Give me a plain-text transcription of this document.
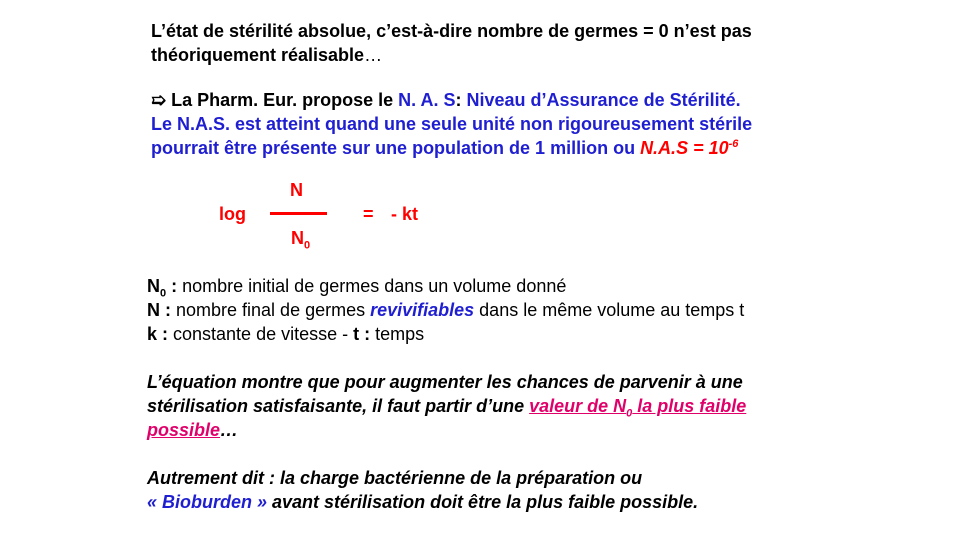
L’état de stérilité absolue, c’est-à-dire nombre de germes = 0 n’est pas
théoriquement réalisable…
➯ La Pharm. Eur. propose le N. A. S: Niveau d’Assurance de Stérilité.
Le N.A.S. est atteint quand une seule unité non rigoureusement stérile
pourrait être présente sur une population de 1 million ou $N.A.S = 10^{-6}$
log
N
$N_0$
= - kt
$N_0$ : nombre initial de germes dans un volume donné
N : nombre final de germes revivifiables dans le même volume au temps t
k : constante de vitesse - t : temps
L’équation montre que pour augmenter les chances de parvenir à une
stérilisation satisfaisante, il faut partir d’une valeur de $N_0$ la plus faible
possible…
Autrement dit : la charge bactérienne de la préparation ou
« Bioburden » avant stérilisation doit être la plus faible possible.
